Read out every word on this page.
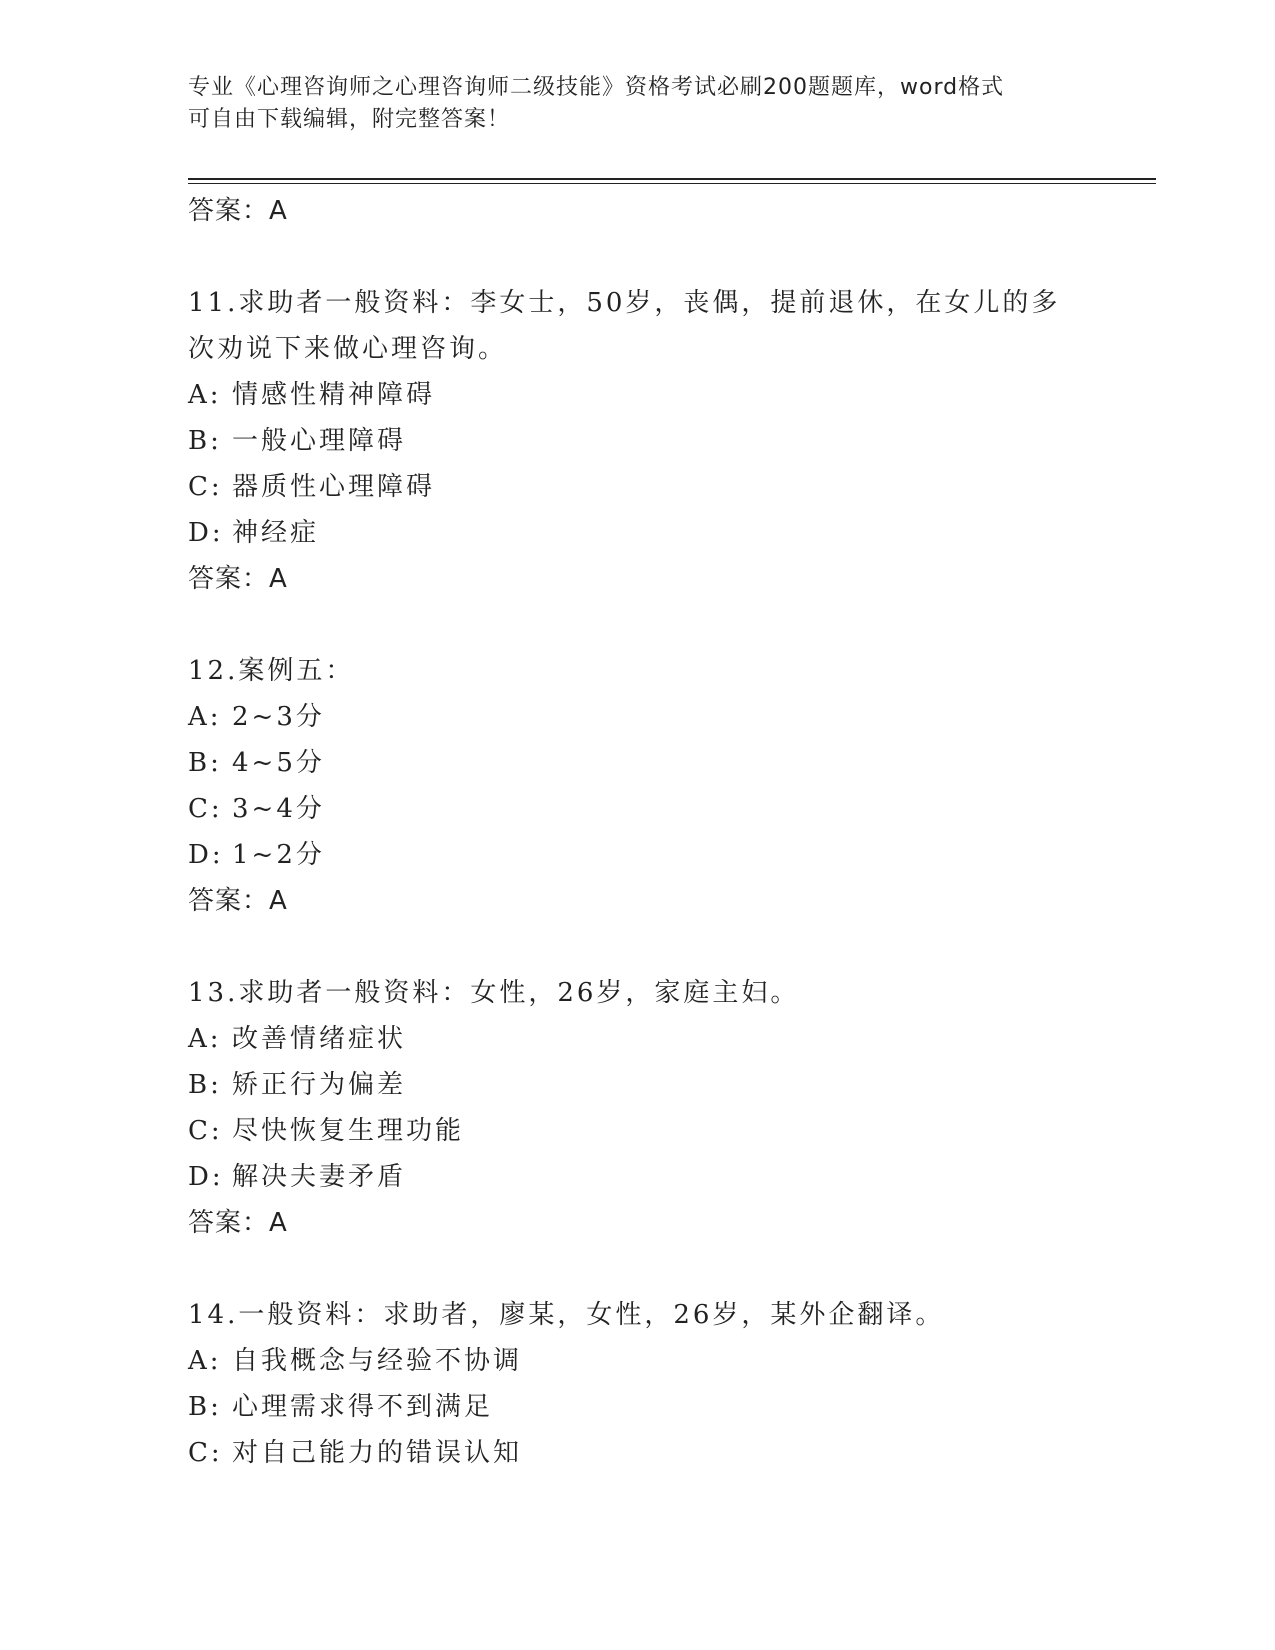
专业《心理咨询师之心理咨询师二级技能》资格考试必刷200题题库，word格式
可自由下载编辑，附完整答案！

答案：A

11.求助者一般资料：李女士，50岁，丧偶，提前退休，在女儿的多次劝说下来做心理咨询。

A: 情感性精神障碍

B: 一般心理障碍

C: 器质性心理障碍

D: 神经症

答案：A

12.案例五：

A: 2~3分

B: 4~5分

C: 3~4分

D: 1~2分

答案：A

13.求助者一般资料：女性，26岁，家庭主妇。

A: 改善情绪症状

B: 矫正行为偏差

C: 尽快恢复生理功能

D: 解决夫妻矛盾

答案：A

14.一般资料：求助者，廖某，女性，26岁，某外企翻译。

A: 自我概念与经验不协调

B: 心理需求得不到满足

C: 对自己能力的错误认知
